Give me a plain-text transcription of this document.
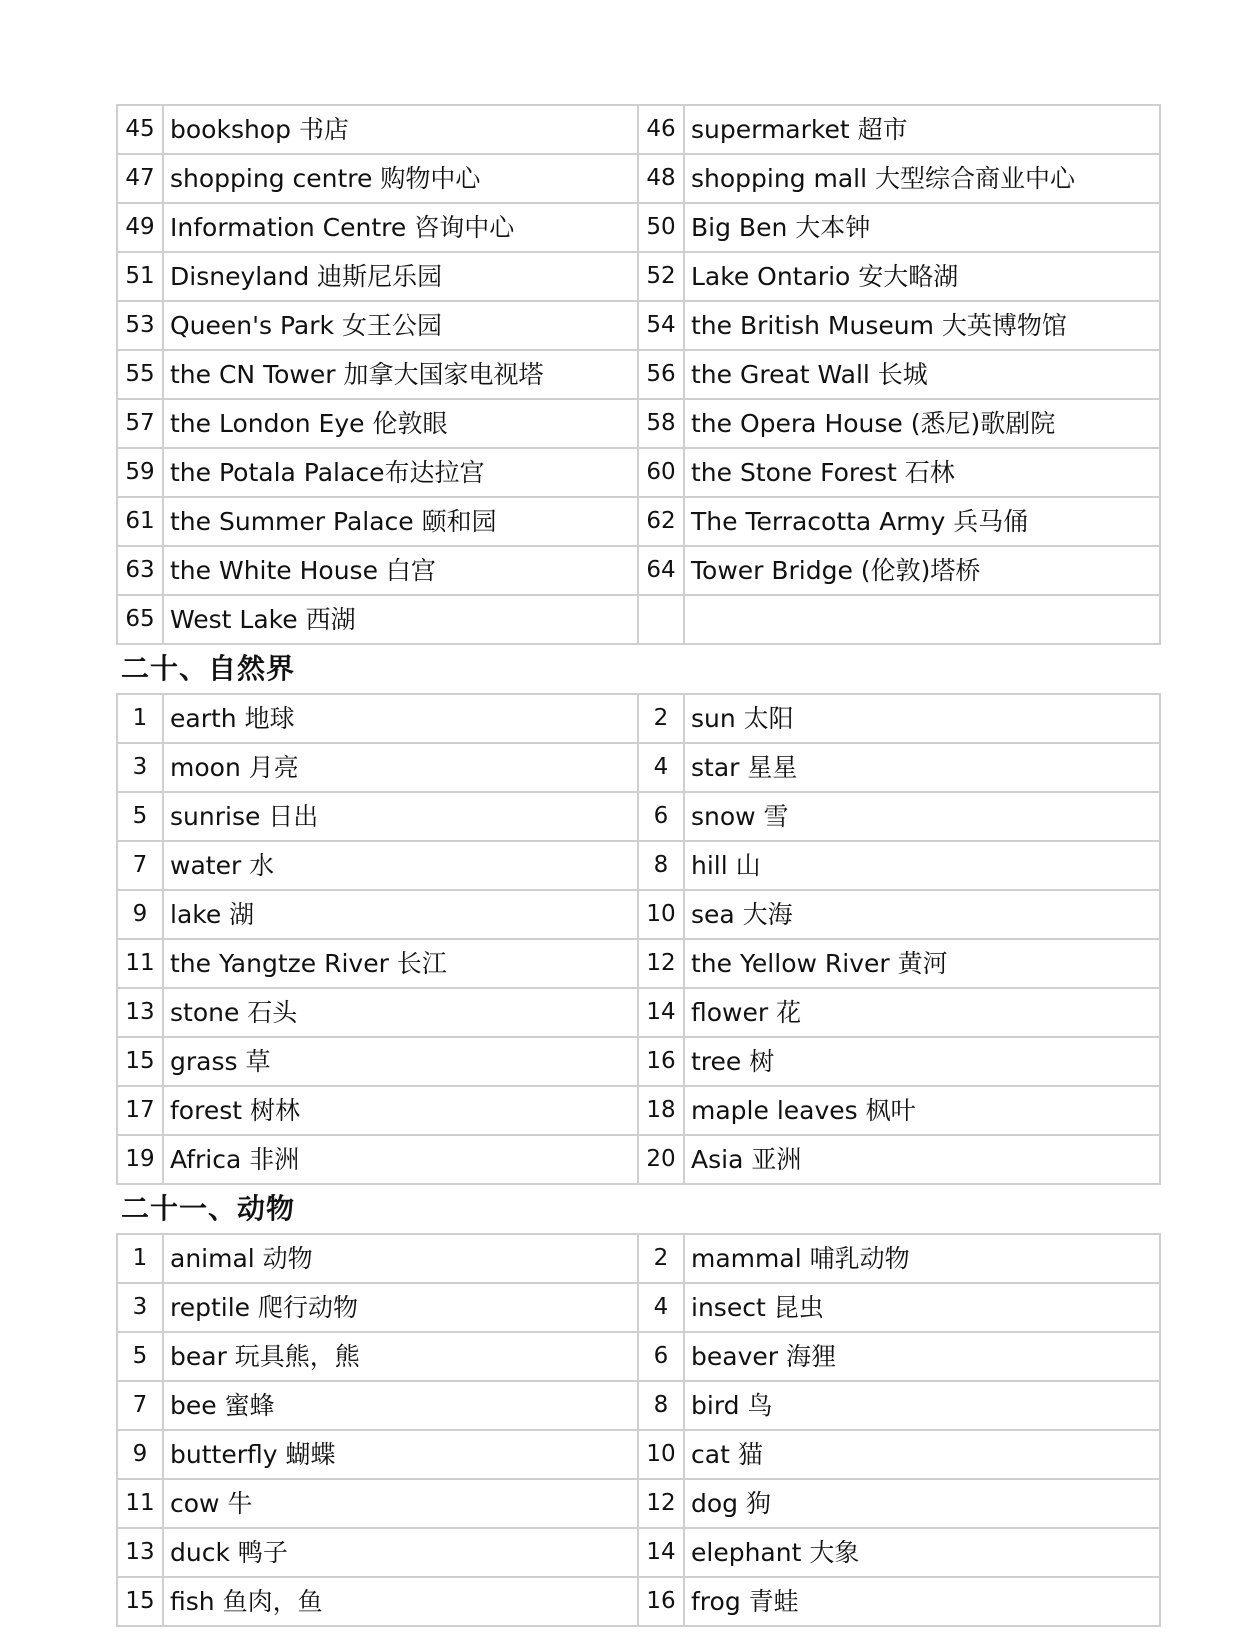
45	bookshop 书店	46	supermarket 超市
47	shopping centre 购物中心	48	shopping mall 大型综合商业中心
49	Information Centre 咨询中心	50	Big Ben 大本钟
51	Disneyland 迪斯尼乐园	52	Lake Ontario 安大略湖
53	Queen's Park 女王公园	54	the British Museum 大英博物馆
55	the CN Tower 加拿大国家电视塔	56	the Great Wall 长城
57	the London Eye 伦敦眼	58	the Opera House (悉尼)歌剧院
59	the Potala Palace布达拉宫	60	the Stone Forest 石林
61	the Summer Palace 颐和园	62	The Terracotta Army 兵马俑
63	the White House 白宫	64	Tower Bridge (伦敦)塔桥
65	West Lake 西湖		
二十、自然界			
1	earth 地球	2	sun 太阳
3	moon 月亮	4	star 星星
5	sunrise 日出	6	snow 雪
7	water 水	8	hill 山
9	lake 湖	10	sea 大海
11	the Yangtze River 长江	12	the Yellow River 黄河
13	stone 石头	14	flower 花
15	grass 草	16	tree 树
17	forest 树林	18	maple leaves 枫叶
19	Africa 非洲	20	Asia 亚洲
二十一、动物			
1	animal 动物	2	mammal 哺乳动物
3	reptile 爬行动物	4	insect 昆虫
5	bear 玩具熊，熊	6	beaver 海狸
7	bee 蜜蜂	8	bird 鸟
9	butterfly 蝴蝶	10	cat 猫
11	cow 牛	12	dog 狗
13	duck 鸭子	14	elephant 大象
15	fish 鱼肉，鱼	16	frog 青蛙
